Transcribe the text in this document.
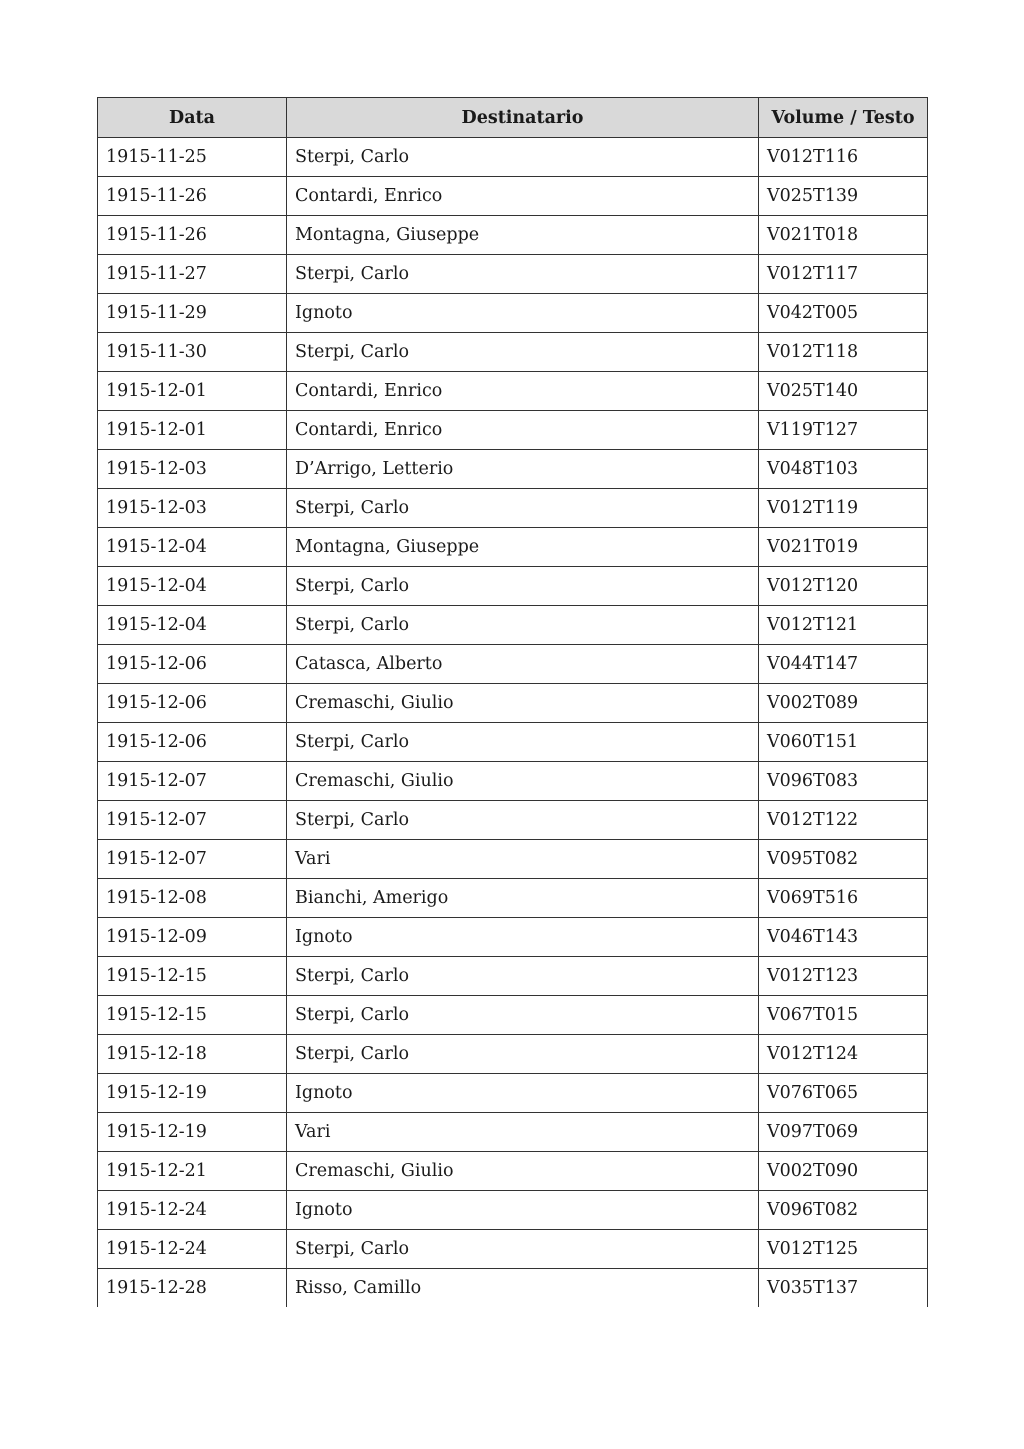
Data	Destinatario	Volume / Testo
1915-11-25	Sterpi, Carlo	V012T116
1915-11-26	Contardi, Enrico	V025T139
1915-11-26	Montagna, Giuseppe	V021T018
1915-11-27	Sterpi, Carlo	V012T117
1915-11-29	Ignoto	V042T005
1915-11-30	Sterpi, Carlo	V012T118
1915-12-01	Contardi, Enrico	V025T140
1915-12-01	Contardi, Enrico	V119T127
1915-12-03	D’Arrigo, Letterio	V048T103
1915-12-03	Sterpi, Carlo	V012T119
1915-12-04	Montagna, Giuseppe	V021T019
1915-12-04	Sterpi, Carlo	V012T120
1915-12-04	Sterpi, Carlo	V012T121
1915-12-06	Catasca, Alberto	V044T147
1915-12-06	Cremaschi, Giulio	V002T089
1915-12-06	Sterpi, Carlo	V060T151
1915-12-07	Cremaschi, Giulio	V096T083
1915-12-07	Sterpi, Carlo	V012T122
1915-12-07	Vari	V095T082
1915-12-08	Bianchi, Amerigo	V069T516
1915-12-09	Ignoto	V046T143
1915-12-15	Sterpi, Carlo	V012T123
1915-12-15	Sterpi, Carlo	V067T015
1915-12-18	Sterpi, Carlo	V012T124
1915-12-19	Ignoto	V076T065
1915-12-19	Vari	V097T069
1915-12-21	Cremaschi, Giulio	V002T090
1915-12-24	Ignoto	V096T082
1915-12-24	Sterpi, Carlo	V012T125
1915-12-28	Risso, Camillo	V035T137
